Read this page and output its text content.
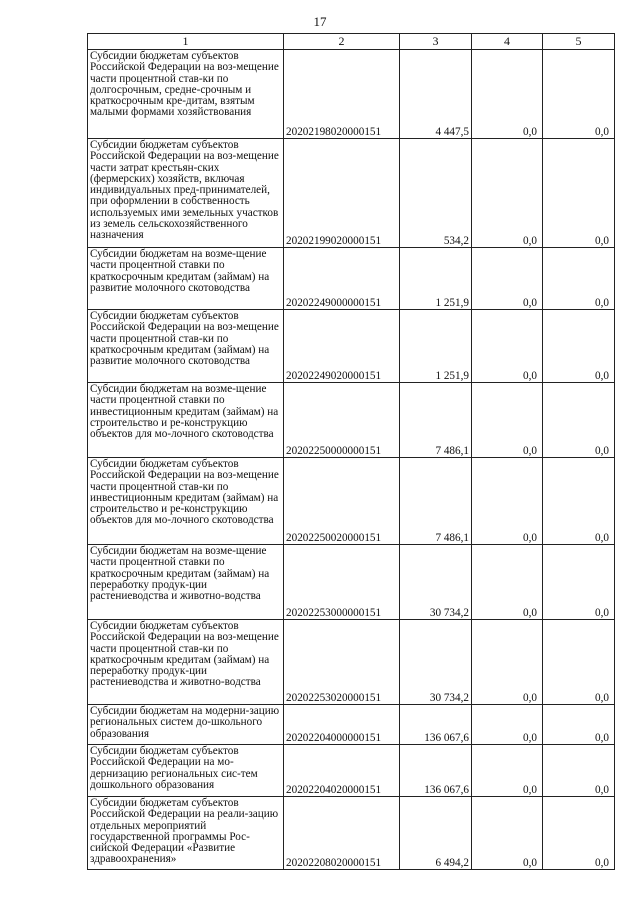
17
1	2	3	4	5
Субсидии бюджетам субъектов Российской Федерации на воз-мещение части процентной став-ки по долгосрочным, средне-срочным и краткосрочным кре-дитам, взятым малыми формами хозяйствования	20202198020000151	4 447,5	0,0	0,0
Субсидии бюджетам субъектов Российской Федерации на воз-мещение части затрат крестьян-ских (фермерских) хозяйств, включая индивидуальных пред-принимателей, при оформлении в собственность используемых ими земельных участков из земель сельскохозяйственного назначения	20202199020000151	534,2	0,0	0,0
Субсидии бюджетам на возме-щение части процентной ставки по краткосрочным кредитам (займам) на развитие молочного скотоводства	20202249000000151	1 251,9	0,0	0,0
Субсидии бюджетам субъектов Российской Федерации на воз-мещение части процентной став-ки по краткосрочным кредитам (займам) на развитие молочного скотоводства	20202249020000151	1 251,9	0,0	0,0
Субсидии бюджетам на возме-щение части процентной ставки по инвестиционным кредитам (займам) на строительство и ре-конструкцию объектов для мо-лочного скотоводства	20202250000000151	7 486,1	0,0	0,0
Субсидии бюджетам субъектов Российской Федерации на воз-мещение части процентной став-ки по инвестиционным кредитам (займам) на строительство и ре-конструкцию объектов для мо-лочного скотоводства	20202250020000151	7 486,1	0,0	0,0
Субсидии бюджетам на возме-щение части процентной ставки по краткосрочным кредитам (займам) на переработку продук-ции растениеводства и животно-водства	20202253000000151	30 734,2	0,0	0,0
Субсидии бюджетам субъектов Российской Федерации на воз-мещение части процентной став-ки по краткосрочным кредитам (займам) на переработку продук-ции растениеводства и животно-водства	20202253020000151	30 734,2	0,0	0,0
Субсидии бюджетам на модерни-зацию региональных систем до-школьного образования	20202204000000151	136 067,6	0,0	0,0
Субсидии бюджетам субъектов Российской Федерации на мо-дернизацию региональных сис-тем дошкольного образования	20202204020000151	136 067,6	0,0	0,0
Субсидии бюджетам субъектов Российской Федерации на реали-зацию отдельных мероприятий государственной программы Рос-сийской Федерации «Развитие здравоохранения»	20202208020000151	6 494,2	0,0	0,0
